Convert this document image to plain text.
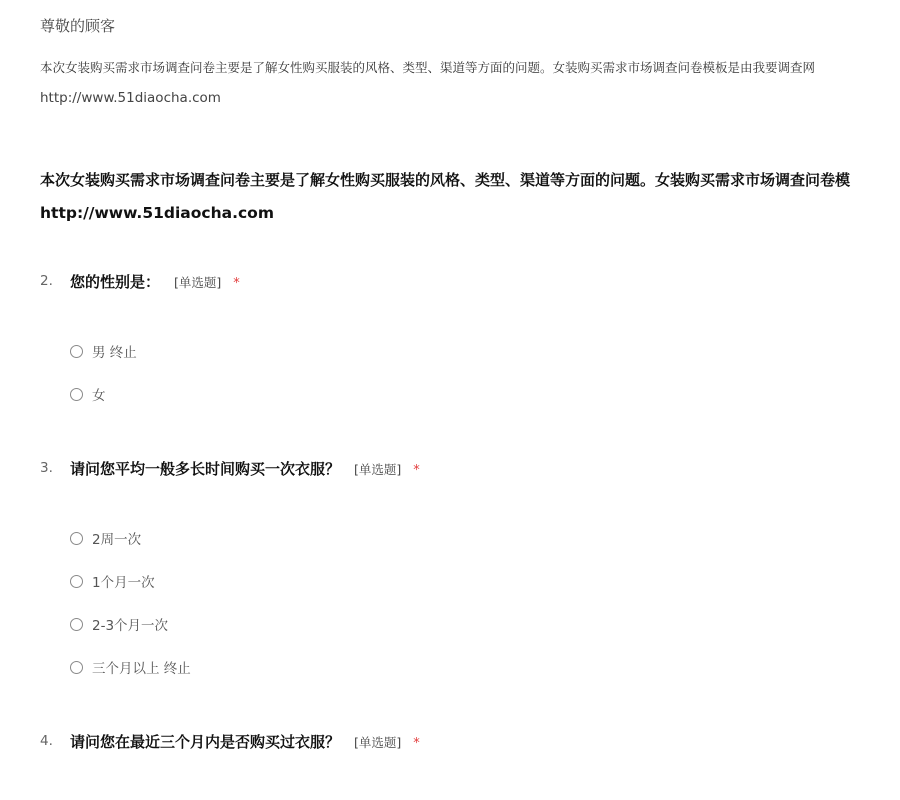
尊敬的顾客
本次女装购买需求市场调查问卷主要是了解女性购买服装的风格、类型、渠道等方面的问题。女装购买需求市场调查问卷模板是由我要调查网
http://www.51diaocha.com
本次女装购买需求市场调查问卷主要是了解女性购买服装的风格、类型、渠道等方面的问题。女装购买需求市场调查问卷模
http://www.51diaocha.com
2. 您的性别是： [单选题] *
男 终止
女
3. 请问您平均一般多长时间购买一次衣服？ [单选题] *
2周一次
1个月一次
2-3个月一次
三个月以上 终止
4. 请问您在最近三个月内是否购买过衣服？ [单选题] *
